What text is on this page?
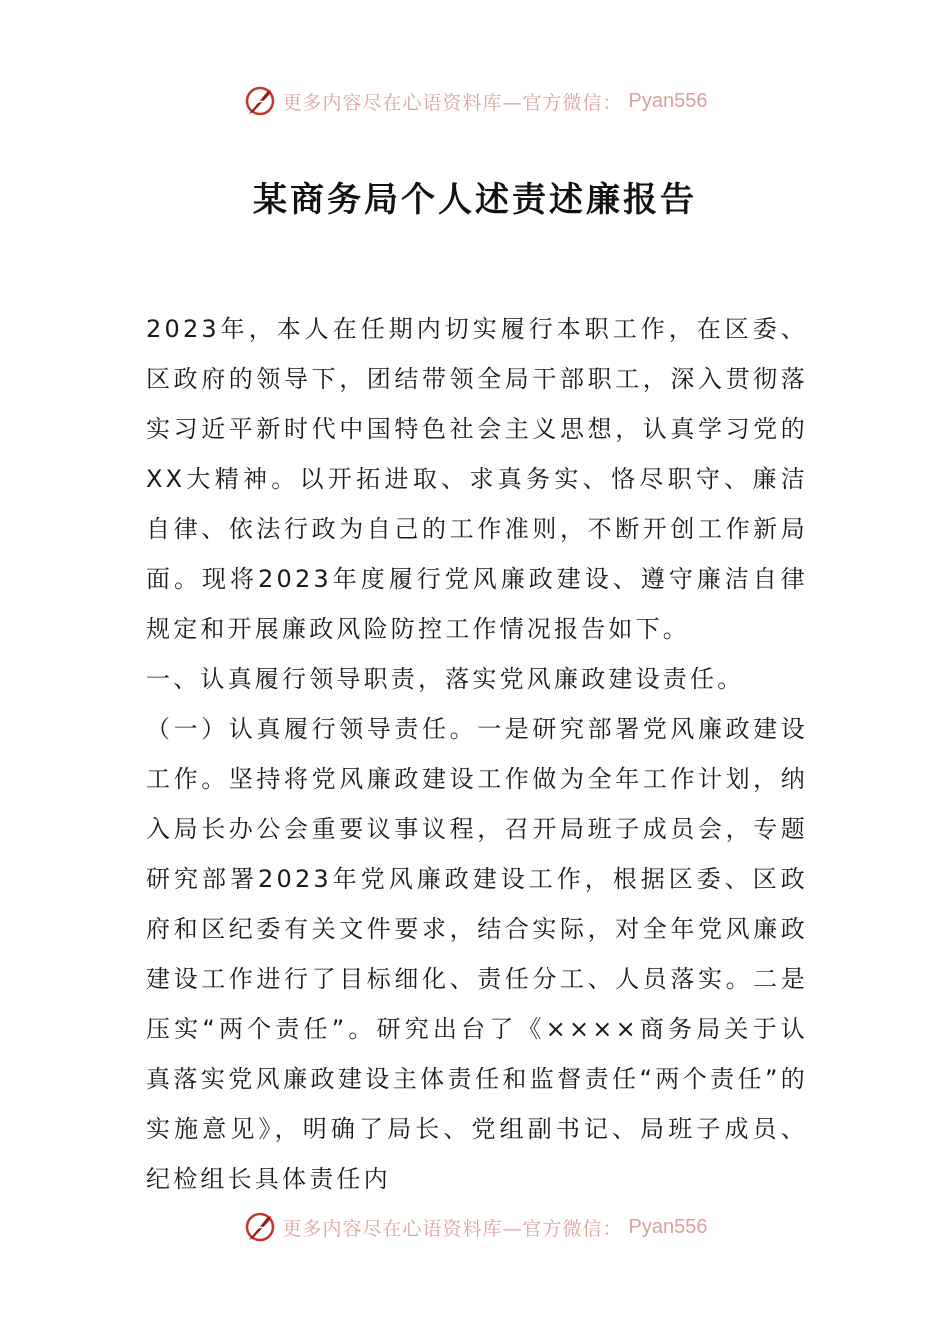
更多内容尽在心语资料库—官方微信： Pyan556
某商务局个人述责述廉报告

2023年，本人在任期内切实履行本职工作，在区委、区政府的领导下，团结带领全局干部职工，深入贯彻落实习近平新时代中国特色社会主义思想，认真学习党的XX大精神。以开拓进取、求真务实、恪尽职守、廉洁自律、依法行政为自己的工作准则，不断开创工作新局面。现将2023年度履行党风廉政建设、遵守廉洁自律规定和开展廉政风险防控工作情况报告如下。

一、认真履行领导职责，落实党风廉政建设责任。

（一）认真履行领导责任。一是研究部署党风廉政建设工作。坚持将党风廉政建设工作做为全年工作计划，纳入局长办公会重要议事议程，召开局班子成员会，专题研究部署2023年党风廉政建设工作，根据区委、区政府和区纪委有关文件要求，结合实际，对全年党风廉政建设工作进行了目标细化、责任分工、人员落实。二是压实“两个责任”。研究出台了《××××商务局关于认真落实党风廉政建设主体责任和监督责任“两个责任”的实施意见》，明确了局长、党组副书记、局班子成员、纪检组长具体责任内

更多内容尽在心语资料库—官方微信： Pyan556
